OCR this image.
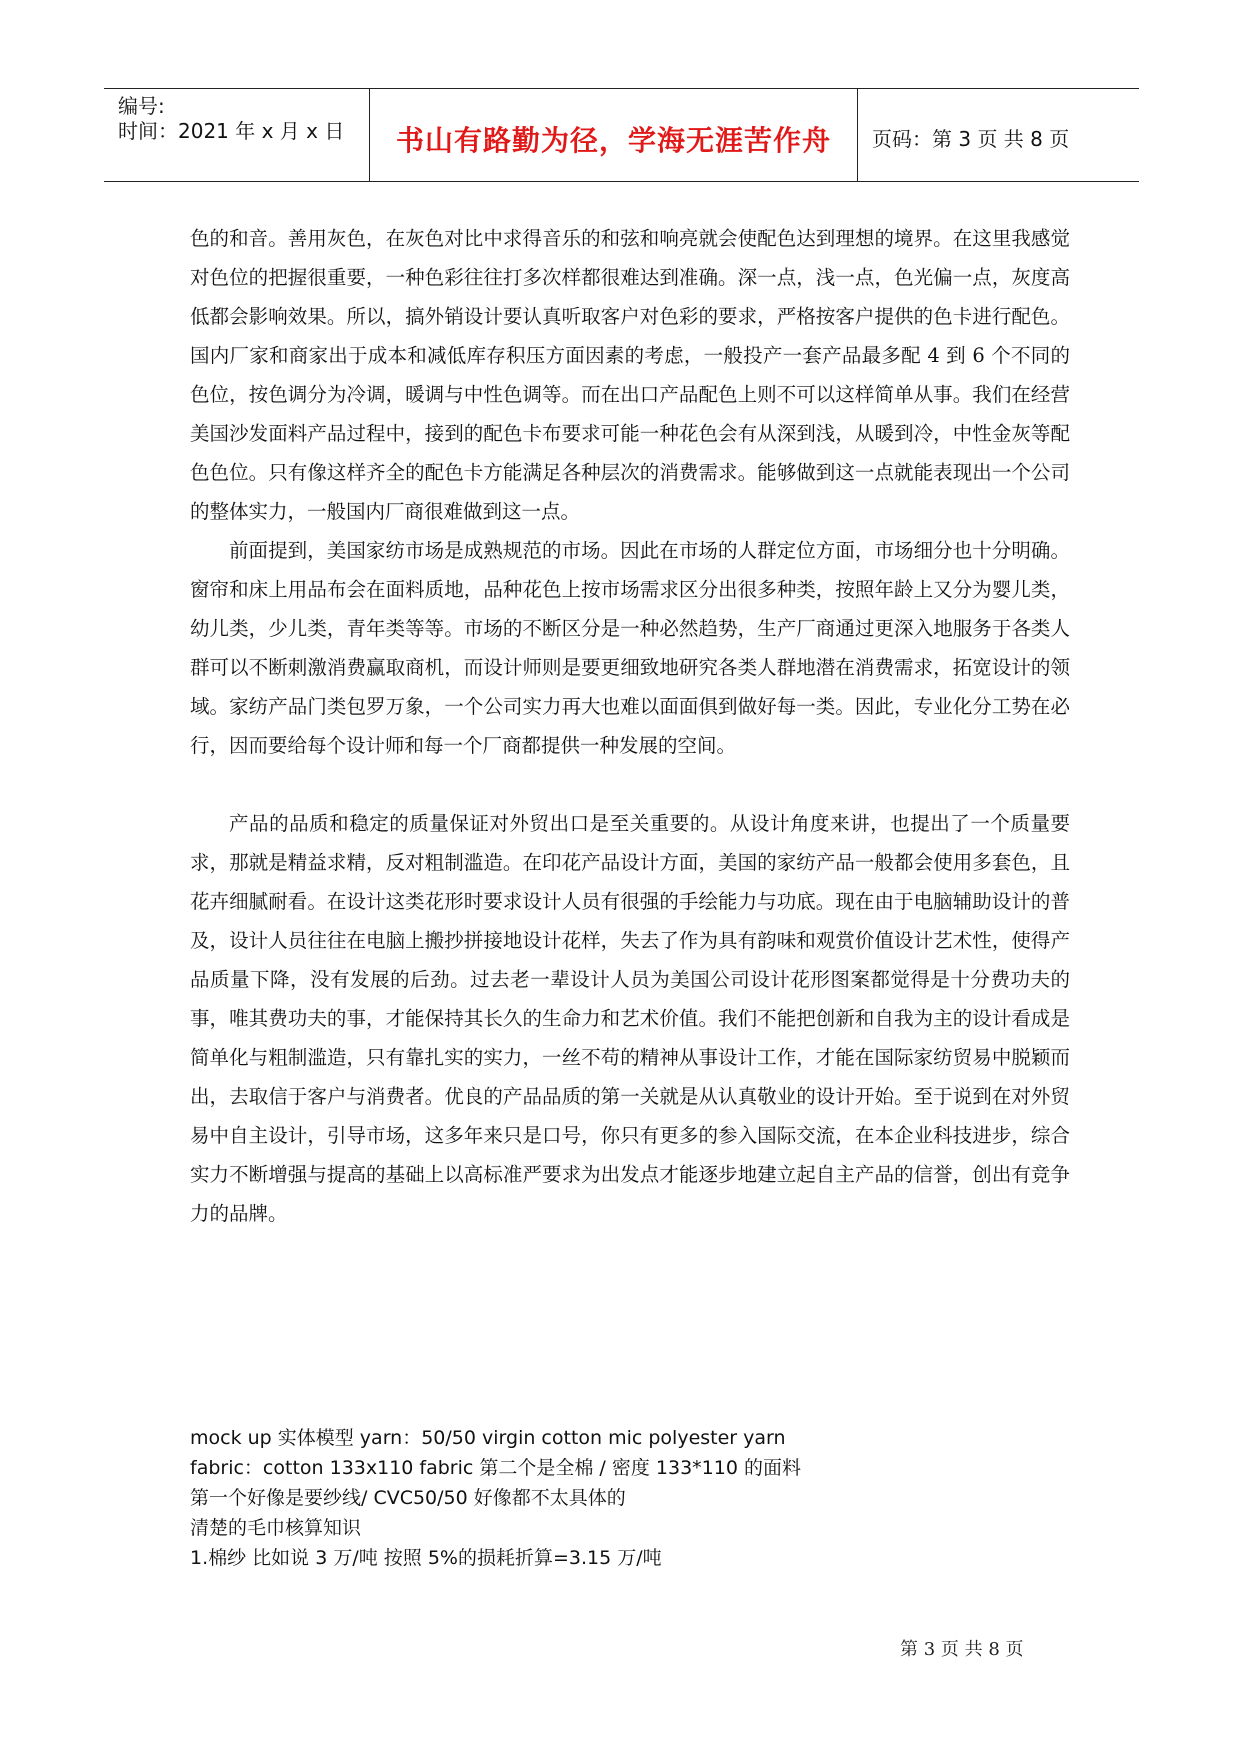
编号:
时间：2021 年 x 月 x 日	书山有路勤为径，学海无涯苦作舟	页码：第 3 页 共 8 页

色的和音。善用灰色，在灰色对比中求得音乐的和弦和响亮就会使配色达到理想的境界。在这里我感觉对色位的把握很重要，一种色彩往往打多次样都很难达到准确。深一点，浅一点，色光偏一点，灰度高低都会影响效果。所以，搞外销设计要认真听取客户对色彩的要求，严格按客户提供的色卡进行配色。国内厂家和商家出于成本和减低库存积压方面因素的考虑，一般投产一套产品最多配 4 到 6 个不同的色位，按色调分为冷调，暖调与中性色调等。而在出口产品配色上则不可以这样简单从事。我们在经营美国沙发面料产品过程中，接到的配色卡布要求可能一种花色会有从深到浅，从暖到冷，中性金灰等配色色位。只有像这样齐全的配色卡方能满足各种层次的消费需求。能够做到这一点就能表现出一个公司的整体实力，一般国内厂商很难做到这一点。

前面提到，美国家纺市场是成熟规范的市场。因此在市场的人群定位方面，市场细分也十分明确。窗帘和床上用品布会在面料质地，品种花色上按市场需求区分出很多种类，按照年龄上又分为婴儿类，幼儿类，少儿类，青年类等等。市场的不断区分是一种必然趋势，生产厂商通过更深入地服务于各类人群可以不断刺激消费赢取商机，而设计师则是要更细致地研究各类人群地潜在消费需求，拓宽设计的领域。家纺产品门类包罗万象，一个公司实力再大也难以面面俱到做好每一类。因此，专业化分工势在必行，因而要给每个设计师和每一个厂商都提供一种发展的空间。

产品的品质和稳定的质量保证对外贸出口是至关重要的。从设计角度来讲，也提出了一个质量要求，那就是精益求精，反对粗制滥造。在印花产品设计方面，美国的家纺产品一般都会使用多套色，且花卉细腻耐看。在设计这类花形时要求设计人员有很强的手绘能力与功底。现在由于电脑辅助设计的普及，设计人员往往在电脑上搬抄拼接地设计花样，失去了作为具有韵味和观赏价值设计艺术性，使得产品质量下降，没有发展的后劲。过去老一辈设计人员为美国公司设计花形图案都觉得是十分费功夫的事，唯其费功夫的事，才能保持其长久的生命力和艺术价值。我们不能把创新和自我为主的设计看成是简单化与粗制滥造，只有靠扎实的实力，一丝不苟的精神从事设计工作，才能在国际家纺贸易中脱颖而出，去取信于客户与消费者。优良的产品品质的第一关就是从认真敬业的设计开始。至于说到在对外贸易中自主设计，引导市场，这多年来只是口号，你只有更多的参入国际交流，在本企业科技进步，综合实力不断增强与提高的基础上以高标准严要求为出发点才能逐步地建立起自主产品的信誉，创出有竞争力的品牌。

mock up 实体模型 yarn：50/50 virgin cotton mic polyester yarn
fabric：cotton 133x110 fabric 第二个是全棉 / 密度 133*110 的面料
第一个好像是要纱线/ CVC50/50 好像都不太具体的
清楚的毛巾核算知识
1.棉纱 比如说 3 万/吨 按照 5%的损耗折算=3.15 万/吨
第 3 页 共 8 页
